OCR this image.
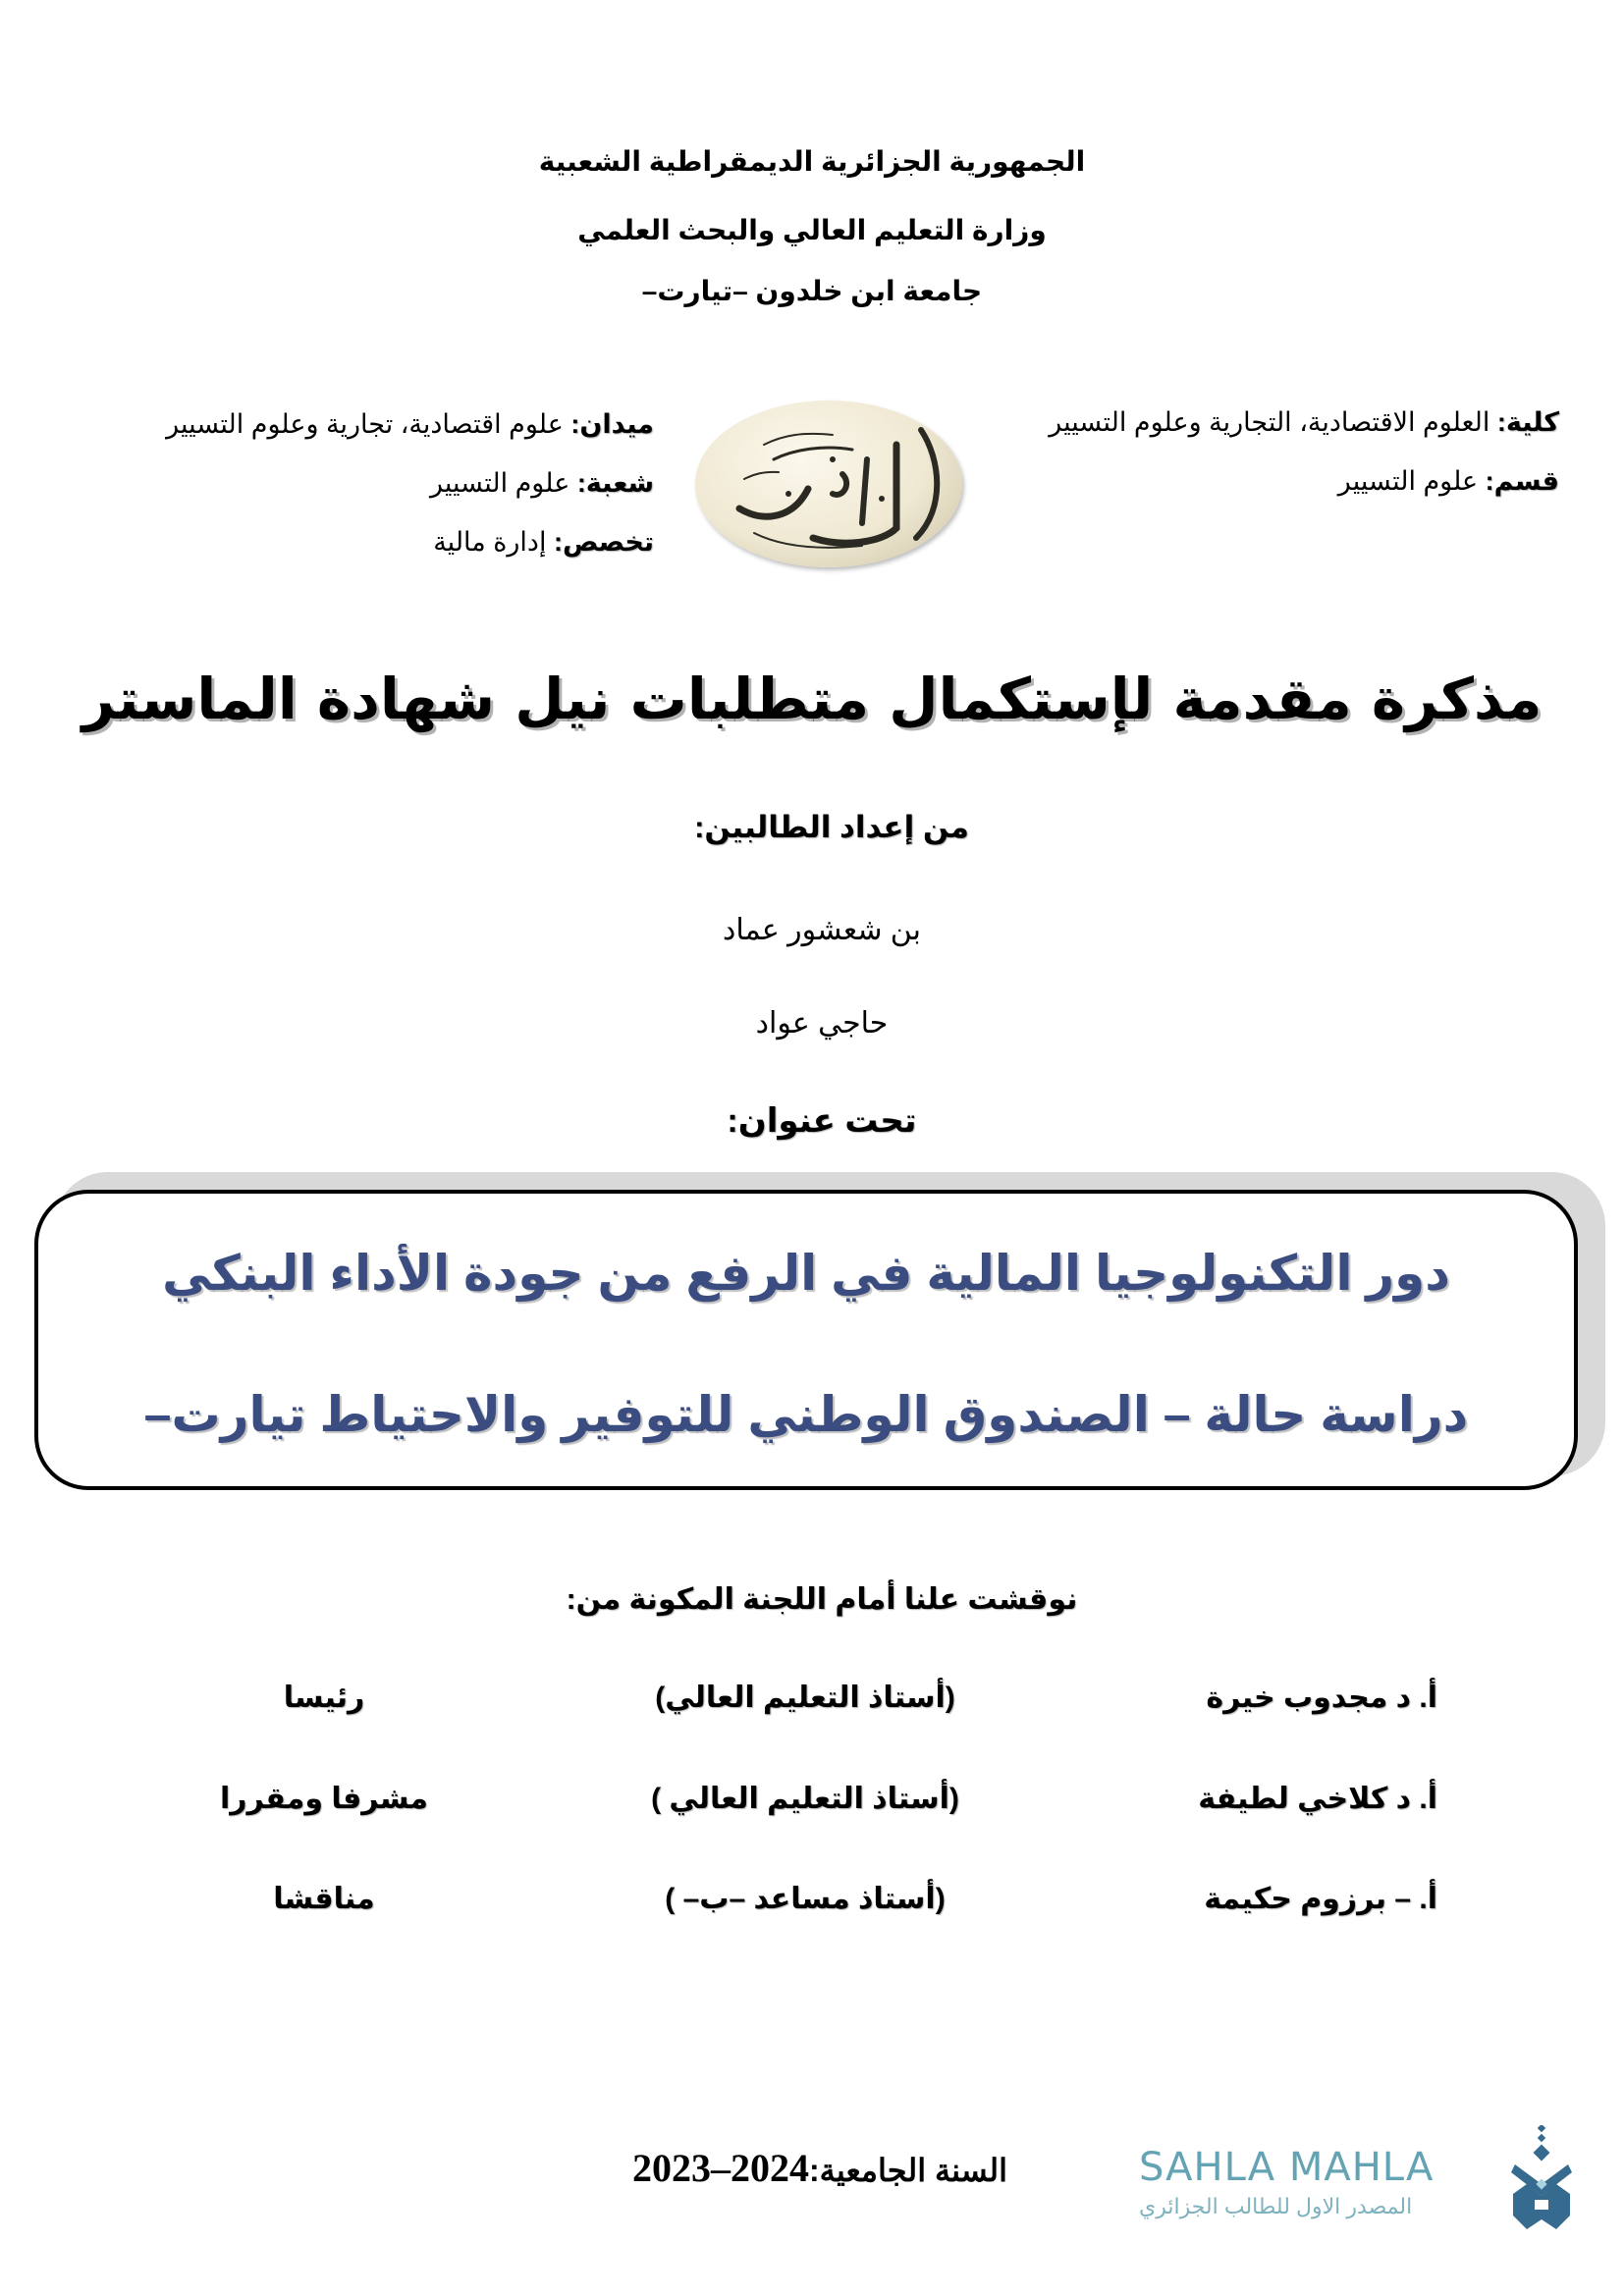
الجمهورية الجزائرية الديمقراطية الشعبية
وزارة التعليم العالي والبحث العلمي
جامعة ابن خلدون –تيارت–
كلية: العلوم الاقتصادية، التجارية وعلوم التسيير
قسم: علوم التسيير
ميدان: علوم اقتصادية، تجارية وعلوم التسيير
شعبة: علوم التسيير
تخصص: إدارة مالية
مذكرة مقدمة لإستكمال متطلبات نيل شهادة الماستر
من إعداد الطالبين:
بن شعشور عماد
حاجي عواد
تحت عنوان:
دور التكنولوجيا المالية في الرفع من جودة الأداء البنكي
دراسة حالة – الصندوق الوطني للتوفير والاحتياط تيارت–
نوقشت علنا أمام اللجنة المكونة من:
أ. د مجدوب خيرة
(أستاذ التعليم العالي)
رئيسا
أ. د كلاخي لطيفة
(أستاذ التعليم العالي )
مشرفا ومقررا
أ. – برزوم حكيمة
(أستاذ مساعد –ب– )
مناقشا
السنة الجامعية:2023–2024	SAHLA MAHLA
المصدر الاول للطالب الجزائري
